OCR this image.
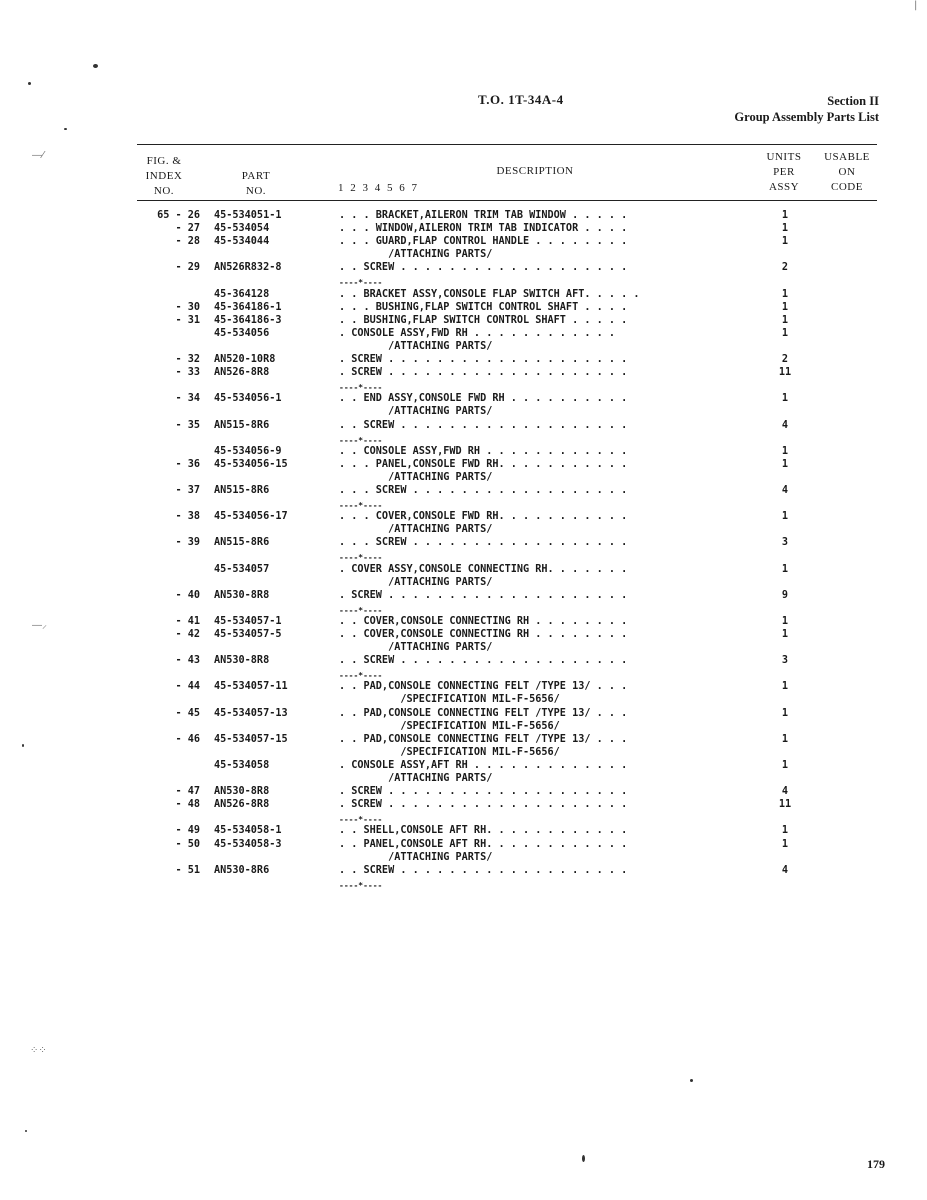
T.O. 1T-34A-4	Section II
Group Assembly Parts List
FIG. &
INDEX
NO.
PART
NO.
DESCRIPTION
1 2 3 4 5 6 7
UNITS
PER
ASSY
USABLE
ON
CODE
65 - 26 45-534051-1	. . . BRACKET,AILERON TRIM TAB WINDOW . . . . .	1
- 27 45-534054	. . . WINDOW,AILERON TRIM TAB INDICATOR . . . .	1
- 28 45-534044	. . . GUARD,FLAP CONTROL HANDLE . . . . . . . .	1
/ATTACHING PARTS/
- 29 AN526R832-8	. . SCREW . . . . . . . . . . . . . . . . . . .	2
----*----
45-364128	. . BRACKET ASSY,CONSOLE FLAP SWITCH AFT. . . . .	1
- 30 45-364186-1	. . . BUSHING,FLAP SWITCH CONTROL SHAFT . . . .	1
- 31 45-364186-3	. . BUSHING,FLAP SWITCH CONTROL SHAFT . . . . .	1
45-534056	. CONSOLE ASSY,FWD RH . . . . . . . . . . . .	1
/ATTACHING PARTS/
- 32 AN520-10R8	. SCREW . . . . . . . . . . . . . . . . . . . .	2
- 33 AN526-8R8	. SCREW . . . . . . . . . . . . . . . . . . . .	11
----*----
- 34 45-534056-1	. . END ASSY,CONSOLE FWD RH . . . . . . . . . .	1
/ATTACHING PARTS/
- 35 AN515-8R6	. . SCREW . . . . . . . . . . . . . . . . . . .	4
----*----
45-534056-9	. . CONSOLE ASSY,FWD RH . . . . . . . . . . . .	1
- 36 45-534056-15	. . . PANEL,CONSOLE FWD RH. . . . . . . . . . .	1
/ATTACHING PARTS/
- 37 AN515-8R6	. . . SCREW . . . . . . . . . . . . . . . . . .	4
----*----
- 38 45-534056-17	. . . COVER,CONSOLE FWD RH. . . . . . . . . . .	1
/ATTACHING PARTS/
- 39 AN515-8R6	. . . SCREW . . . . . . . . . . . . . . . . . .	3
----*----
45-534057	. COVER ASSY,CONSOLE CONNECTING RH. . . . . . .	1
/ATTACHING PARTS/
- 40 AN530-8R8	. SCREW . . . . . . . . . . . . . . . . . . . .	9
----*----
- 41 45-534057-1	. . COVER,CONSOLE CONNECTING RH . . . . . . . .	1
- 42 45-534057-5	. . COVER,CONSOLE CONNECTING RH . . . . . . . .	1
/ATTACHING PARTS/
- 43 AN530-8R8	. . SCREW . . . . . . . . . . . . . . . . . . .	3
----*----
- 44 45-534057-11	. . PAD,CONSOLE CONNECTING FELT /TYPE 13/ . . .	1
/SPECIFICATION MIL-F-5656/
- 45 45-534057-13	. . PAD,CONSOLE CONNECTING FELT /TYPE 13/ . . .	1
/SPECIFICATION MIL-F-5656/
- 46 45-534057-15	. . PAD,CONSOLE CONNECTING FELT /TYPE 13/ . . .	1
/SPECIFICATION MIL-F-5656/
45-534058	. CONSOLE ASSY,AFT RH . . . . . . . . . . . . .	1
/ATTACHING PARTS/
- 47 AN530-8R8	. SCREW . . . . . . . . . . . . . . . . . . . .	4
- 48 AN526-8R8	. SCREW . . . . . . . . . . . . . . . . . . . .	11
----*----
- 49 45-534058-1	. . SHELL,CONSOLE AFT RH. . . . . . . . . . . .	1
- 50 45-534058-3	. . PANEL,CONSOLE AFT RH. . . . . . . . . . . .	1
/ATTACHING PARTS/
- 51 AN530-8R6	. . SCREW . . . . . . . . . . . . . . . . . . .	4
----*----
179
―⁄
―⸝
⁘⁘
|
